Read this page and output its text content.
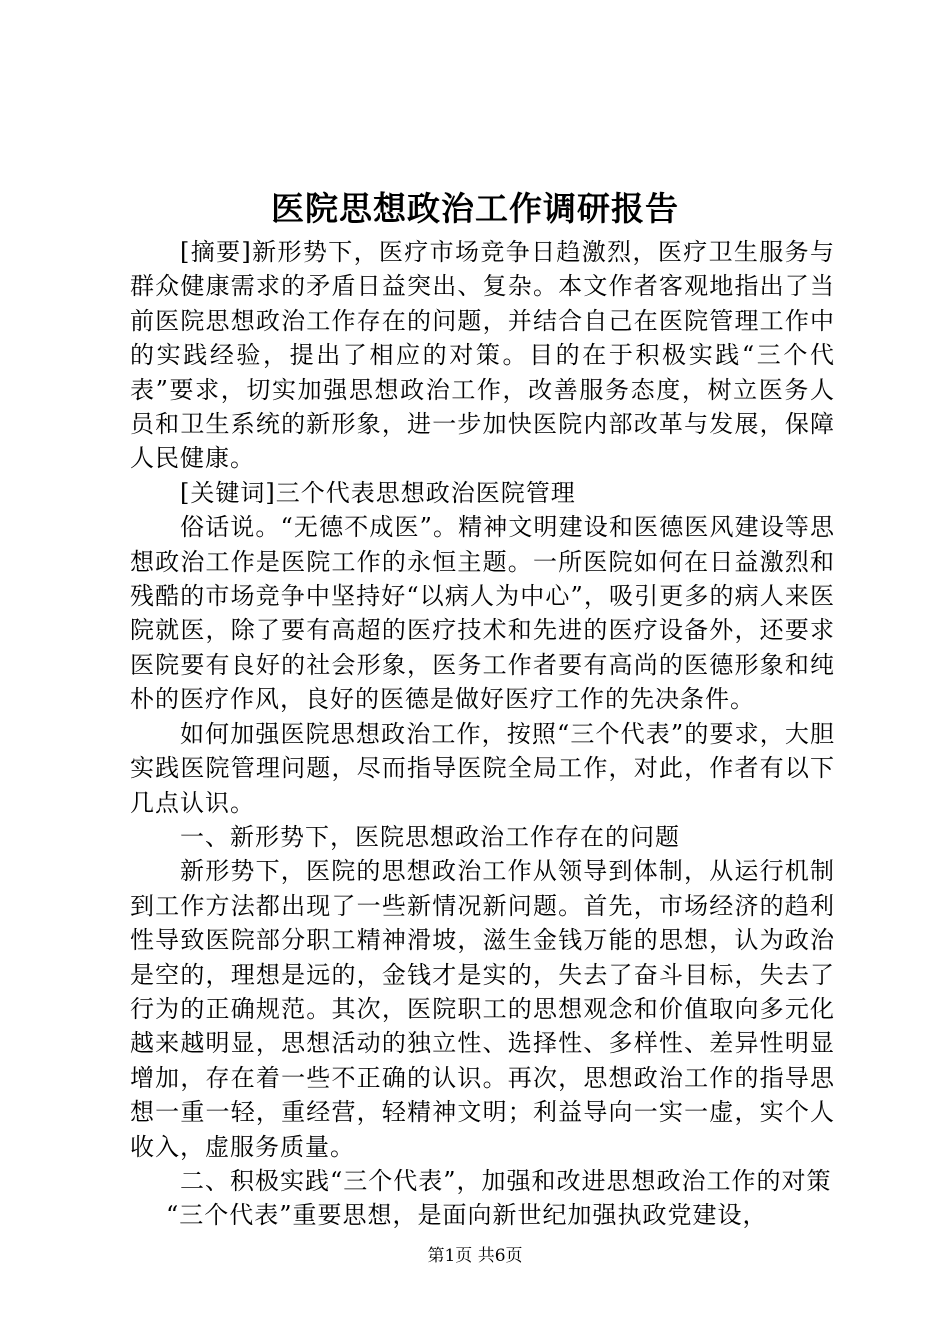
医院思想政治工作调研报告

[摘要]新形势下，医疗市场竞争日趋激烈，医疗卫生服务与群众健康需求的矛盾日益突出、复杂。本文作者客观地指出了当前医院思想政治工作存在的问题，并结合自己在医院管理工作中的实践经验，提出了相应的对策。目的在于积极实践“三个代表”要求，切实加强思想政治工作，改善服务态度，树立医务人员和卫生系统的新形象，进一步加快医院内部改革与发展，保障人民健康。

[关键词]三个代表思想政治医院管理

俗话说。“无德不成医”。精神文明建设和医德医风建设等思想政治工作是医院工作的永恒主题。一所医院如何在日益激烈和残酷的市场竞争中坚持好“以病人为中心”，吸引更多的病人来医院就医，除了要有高超的医疗技术和先进的医疗设备外，还要求医院要有良好的社会形象，医务工作者要有高尚的医德形象和纯朴的医疗作风，良好的医德是做好医疗工作的先决条件。

如何加强医院思想政治工作，按照“三个代表”的要求，大胆实践医院管理问题，尽而指导医院全局工作，对此，作者有以下几点认识。

一、新形势下，医院思想政治工作存在的问题

新形势下，医院的思想政治工作从领导到体制，从运行机制到工作方法都出现了一些新情况新问题。首先，市场经济的趋利性导致医院部分职工精神滑坡，滋生金钱万能的思想，认为政治是空的，理想是远的，金钱才是实的，失去了奋斗目标，失去了行为的正确规范。其次，医院职工的思想观念和价值取向多元化越来越明显，思想活动的独立性、选择性、多样性、差异性明显增加，存在着一些不正确的认识。再次，思想政治工作的指导思想一重一轻，重经营，轻精神文明；利益导向一实一虚，实个人收入，虚服务质量。

二、积极实践“三个代表”，加强和改进思想政治工作的对策

“三个代表”重要思想，是面向新世纪加强执政党建设，

第1页 共6页
